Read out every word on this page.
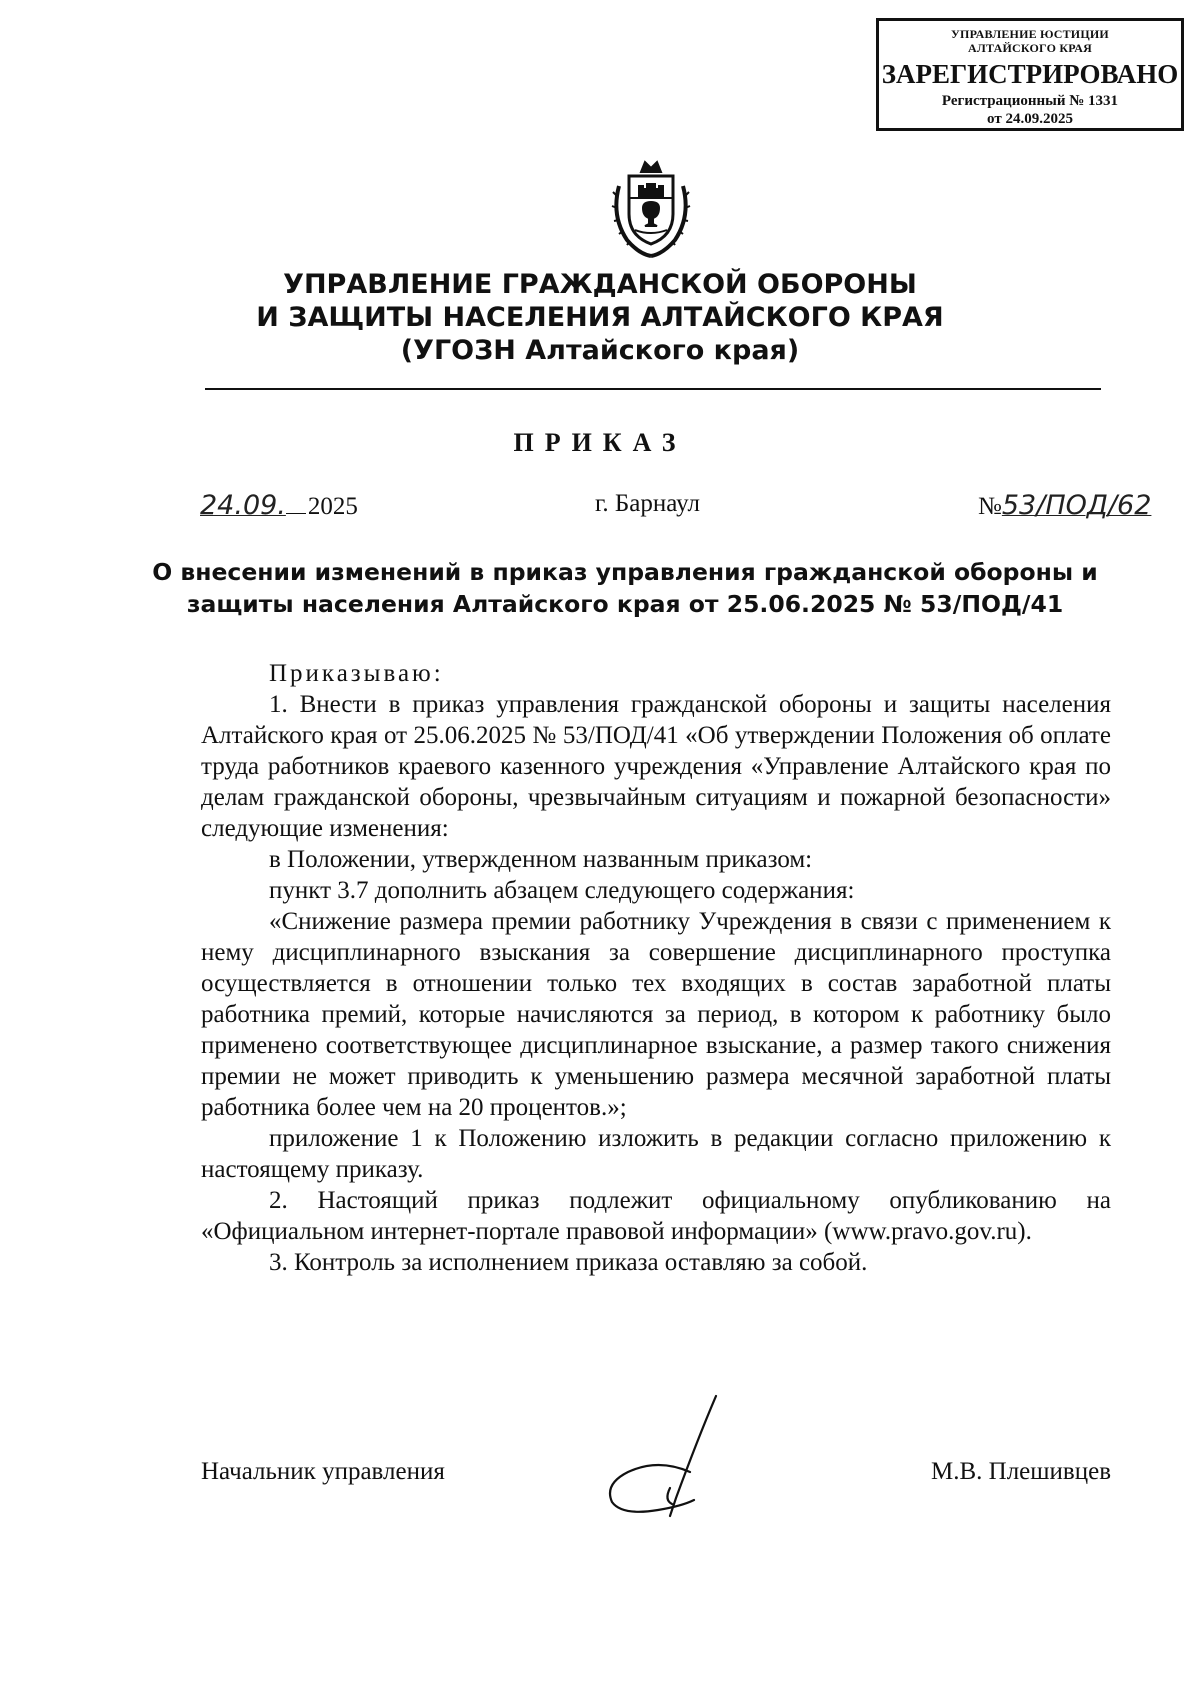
УПРАВЛЕНИЕ ЮСТИЦИИ
АЛТАЙСКОГО КРАЯ
ЗАРЕГИСТРИРОВАНО
Регистрационный № 1331
от 24.09.2025
УПРАВЛЕНИЕ ГРАЖДАНСКОЙ ОБОРОНЫ
И ЗАЩИТЫ НАСЕЛЕНИЯ АЛТАЙСКОГО КРАЯ
(УГОЗН Алтайского края)
ПРИКАЗ
24.09. 2025	г. Барнаул	№53/ПОД/62
О внесении изменений в приказ управления гражданской обороны и
защиты населения Алтайского края от 25.06.2025 № 53/ПОД/41

Приказываю:

1. Внести в приказ управления гражданской обороны и защиты населения Алтайского края от 25.06.2025 № 53/ПОД/41 «Об утверждении Положения об оплате труда работников краевого казенного учреждения «Управление Алтайского края по делам гражданской обороны, чрезвычайным ситуациям и пожарной безопасности» следующие изменения:

в Положении, утвержденном названным приказом:

пункт 3.7 дополнить абзацем следующего содержания:

«Снижение размера премии работнику Учреждения в связи с применением к нему дисциплинарного взыскания за совершение дисциплинарного проступка осуществляется в отношении только тех входящих в состав заработной платы работника премий, которые начисляются за период, в котором к работнику было применено соответствующее дисциплинарное взыскание, а размер такого снижения премии не может приводить к уменьшению размера месячной заработной платы работника более чем на 20 процентов.»;

приложение 1 к Положению изложить в редакции согласно приложению к настоящему приказу.

2. Настоящий приказ подлежит официальному опубликованию на «Официальном интернет-портале правовой информации» (www.pravo.gov.ru).

3. Контроль за исполнением приказа оставляю за собой.

Начальник управления	М.В. Плешивцев
